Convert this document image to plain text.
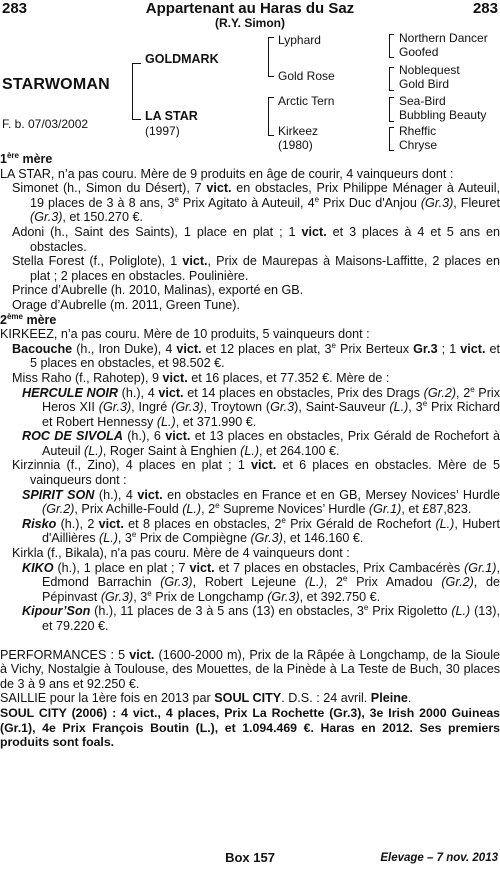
283	Appartenant au Haras du Saz	283
(R.Y. Simon)
STARWOMAN
F. b. 07/03/2002
GOLDMARK
LA STAR
(1997)
Lyphard
Gold Rose
Arctic Tern
Kirkeez
(1980)
Northern Dancer
Goofed
Noblequest
Gold Bird
Sea-Bird
Bubbling Beauty
Rheffic
Chryse
1ère mère

LA STAR, n’a pas couru. Mère de 9 produits en âge de courir, 4 vainqueurs dont :

Simonet (h., Simon du Désert), 7 vict. en obstacles, Prix Philippe Ménager à Auteuil, 19 places de 3 à 8 ans, 3e Prix Agitato à Auteuil, 4e Prix Duc d'Anjou (Gr.3), Fleuret (Gr.3), et 150.270 €.

Adoni (h., Saint des Saints), 1 place en plat ; 1 vict. et 3 places à 4 et 5 ans en obstacles.

Stella Forest (f., Poliglote), 1 vict., Prix de Maurepas à Maisons-Laffitte, 2 places en plat ; 2 places en obstacles. Poulinière.

Prince d’Aubrelle (h. 2010, Malinas), exporté en GB.

Orage d’Aubrelle (m. 2011, Green Tune).

2ème mère

KIRKEEZ, n’a pas couru. Mère de 10 produits, 5 vainqueurs dont :

Bacouche (h., Iron Duke), 4 vict. et 12 places en plat, 3e Prix Berteux Gr.3 ; 1 vict. et 5 places en obstacles, et 98.502 €.

Miss Raho (f., Rahotep), 9 vict. et 16 places, et 77.352 €. Mère de :

HERCULE NOIR (h.), 4 vict. et 14 places en obstacles, Prix des Drags (Gr.2), 2e Prix Heros XII (Gr.3), Ingré (Gr.3), Troytown (Gr.3), Saint-Sauveur (L.), 3e Prix Richard et Robert Hennessy (L.), et 371.990 €.

ROC DE SIVOLA (h.), 6 vict. et 13 places en obstacles, Prix Gérald de Rochefort à Auteuil (L.), Roger Saint à Enghien (L.), et 264.100 €.

Kirzinnia (f., Zino), 4 places en plat ; 1 vict. et 6 places en obstacles. Mère de 5 vainqueurs dont :

SPIRIT SON (h.), 4 vict. en obstacles en France et en GB, Mersey Novices’ Hurdle (Gr.2), Prix Achille-Fould (L.), 2e Supreme Novices’ Hurdle (Gr.1), et £87,823.

Risko (h.), 2 vict. et 8 places en obstacles, 2e Prix Gérald de Rochefort (L.), Hubert d'Aillières (L.), 3e Prix de Compiègne (Gr.3), et 146.160 €.

Kirkla (f., Bikala), n'a pas couru. Mère de 4 vainqueurs dont :

KIKO (h.), 1 place en plat ; 7 vict. et 7 places en obstacles, Prix Cambacérès (Gr.1), Edmond Barrachin (Gr.3), Robert Lejeune (L.), 2e Prix Amadou (Gr.2), de Pépinvast (Gr.3), 3e Prix de Longchamp (Gr.3), et 392.750 €.

Kipour’Son (h.), 11 places de 3 à 5 ans (13) en obstacles, 3e Prix Rigoletto (L.) (13), et 79.220 €.

PERFORMANCES : 5 vict. (1600-2000 m), Prix de la Râpée à Longchamp, de la Sioule à Vichy, Nostalgie à Toulouse, des Mouettes, de la Pinède à La Teste de Buch, 30 places de 3 à 9 ans et 92.250 €.

SAILLIE pour la 1ère fois en 2013 par SOUL CITY. D.S. : 24 avril. Pleine.

SOUL CITY (2006) : 4 vict., 4 places, Prix La Rochette (Gr.3), 3e Irish 2000 Guineas (Gr.1), 4e Prix François Boutin (L.), et 1.094.469 €. Haras en 2012. Ses premiers produits sont foals.

Box 157	Elevage – 7 nov. 2013
